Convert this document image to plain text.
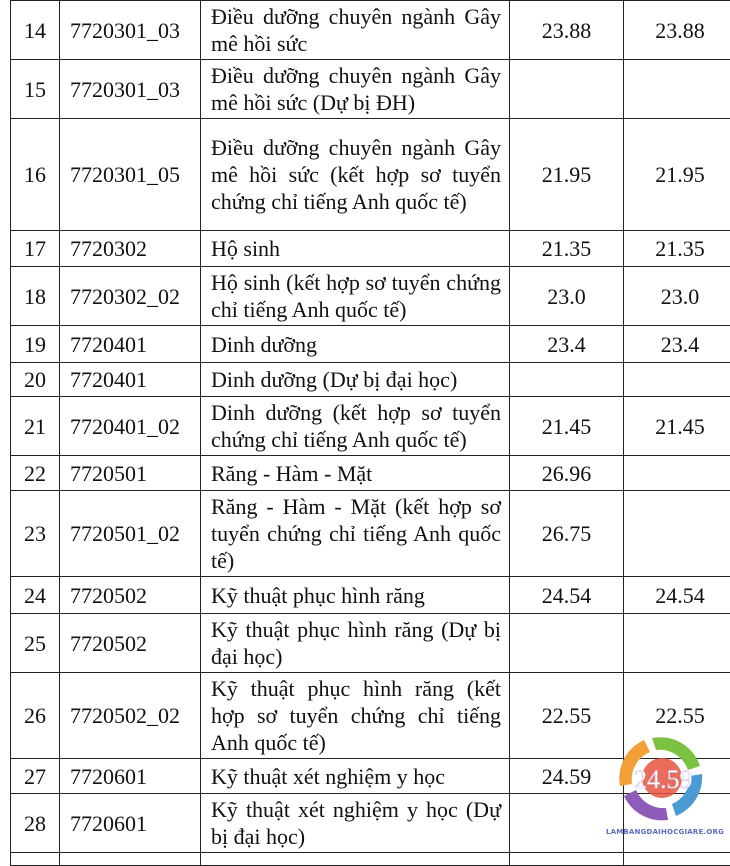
14	7720301_03	Điều dưỡng chuyên ngành Gây mê hồi sức	23.88	23.88
15	7720301_03	Điều dưỡng chuyên ngành Gây mê hồi sức (Dự bị ĐH)		
16	7720301_05	Điều dưỡng chuyên ngành Gây mê hồi sức (kết hợp sơ tuyển chứng chỉ tiếng Anh quốc tế)	21.95	21.95
17	7720302	Hộ sinh	21.35	21.35
18	7720302_02	Hộ sinh (kết hợp sơ tuyển chứng chỉ tiếng Anh quốc tế)	23.0	23.0
19	7720401	Dinh dưỡng	23.4	23.4
20	7720401	Dinh dưỡng (Dự bị đại học)		
21	7720401_02	Dinh dưỡng (kết hợp sơ tuyển chứng chỉ tiếng Anh quốc tế)	21.45	21.45
22	7720501	Răng - Hàm - Mặt	26.96	
23	7720501_02	Răng - Hàm - Mặt (kết hợp sơ tuyển chứng chỉ tiếng Anh quốc tế)	26.75	
24	7720502	Kỹ thuật phục hình răng	24.54	24.54
25	7720502	Kỹ thuật phục hình răng (Dự bị đại học)		
26	7720502_02	Kỹ thuật phục hình răng (kết hợp sơ tuyển chứng chỉ tiếng Anh quốc tế)	22.55	22.55
27	7720601	Kỹ thuật xét nghiệm y học	24.59	
28	7720601	Kỹ thuật xét nghiệm y học (Dự bị đại học)		

24.59
LAMBANGDAIHOCGIARE.ORG
